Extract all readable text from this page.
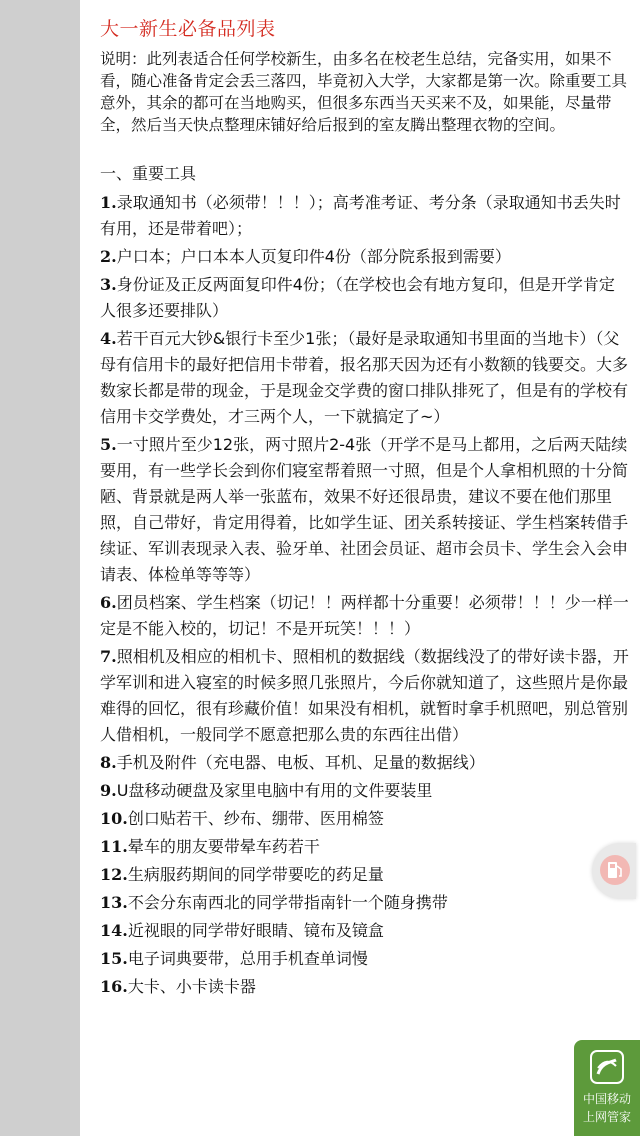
大一新生必备品列表

说明：此列表适合任何学校新生，由多名在校老生总结，完备实用，如果不看，随心准备肯定会丢三落四，毕竟初入大学，大家都是第一次。除重要工具意外，其余的都可在当地购买，但很多东西当天买来不及，如果能，尽量带全，然后当天快点整理床铺好给后报到的室友腾出整理衣物的空间。

一、重要工具

1.录取通知书（必须带！！！）；高考准考证、考分条（录取通知书丢失时有用，还是带着吧）；

2.户口本；户口本本人页复印件4份（部分院系报到需要）

3.身份证及正反两面复印件4份；（在学校也会有地方复印，但是开学肯定人很多还要排队）

4.若干百元大钞&银行卡至少1张；（最好是录取通知书里面的当地卡）（父母有信用卡的最好把信用卡带着，报名那天因为还有小数额的钱要交。大多数家长都是带的现金，于是现金交学费的窗口排队排死了，但是有的学校有信用卡交学费处，才三两个人，一下就搞定了~）

5.一寸照片至少12张，两寸照片2-4张（开学不是马上都用，之后两天陆续要用，有一些学长会到你们寝室帮着照一寸照，但是个人拿相机照的十分简陋、背景就是两人举一张蓝布，效果不好还很昂贵，建议不要在他们那里照，自己带好，肯定用得着，比如学生证、团关系转接证、学生档案转借手续证、军训表现录入表、验牙单、社团会员证、超市会员卡、学生会入会申请表、体检单等等等）

6.团员档案、学生档案（切记！！两样都十分重要！必须带！！！少一样一定是不能入校的，切记！不是开玩笑！！！）

7.照相机及相应的相机卡、照相机的数据线（数据线没了的带好读卡器，开学军训和进入寝室的时候多照几张照片，今后你就知道了，这些照片是你最难得的回忆，很有珍藏价值！如果没有相机，就暂时拿手机照吧，别总管别人借相机，一般同学不愿意把那么贵的东西往出借）

8.手机及附件（充电器、电板、耳机、足量的数据线）

9.U盘移动硬盘及家里电脑中有用的文件要装里

10.创口贴若干、纱布、绷带、医用棉签

11.晕车的朋友要带晕车药若干

12.生病服药期间的同学带要吃的药足量

13.不会分东南西北的同学带指南针一个随身携带

14.近视眼的同学带好眼睛、镜布及镜盒

15.电子词典要带，总用手机查单词慢

16.大卡、小卡读卡器

中国移动
上网管家
